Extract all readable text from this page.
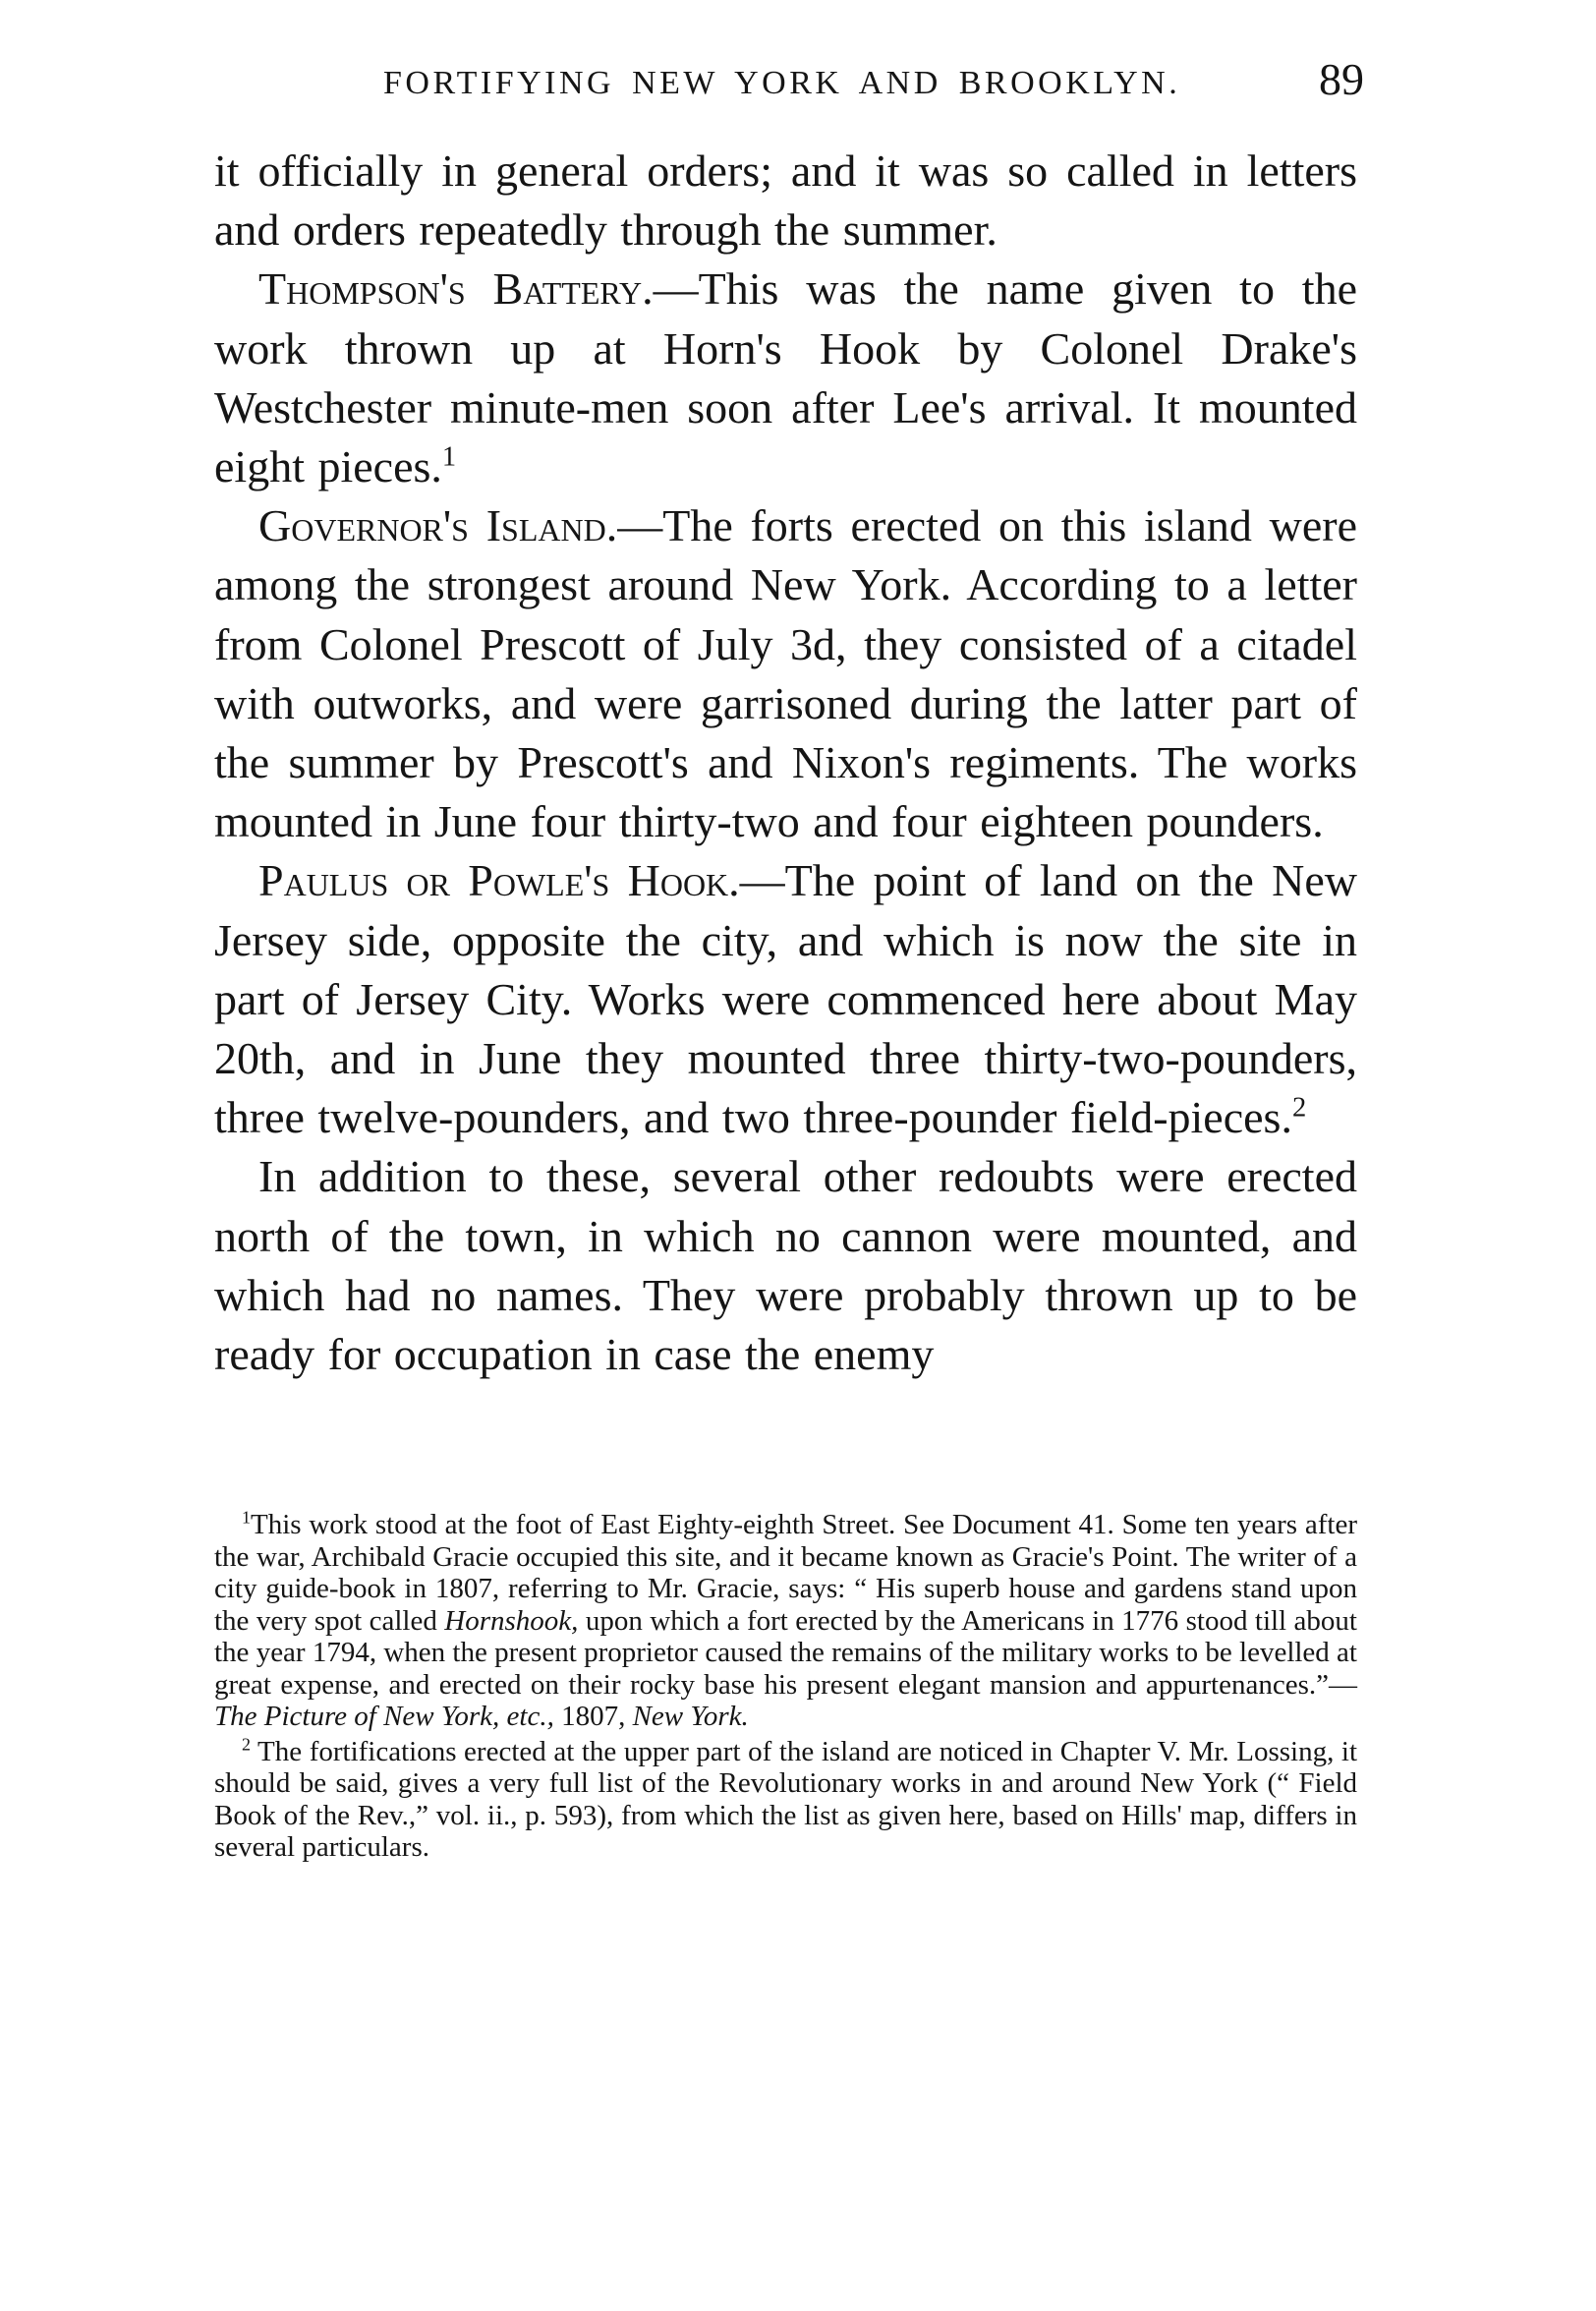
FORTIFYING NEW YORK AND BROOKLYN.	89

it officially in general orders; and it was so called in letters and orders repeatedly through the summer.

Thompson's Battery.—This was the name given to the work thrown up at Horn's Hook by Colonel Drake's Westchester minute-men soon after Lee's arrival. It mounted eight pieces.$^1$

Governor's Island.—The forts erected on this island were among the strongest around New York. According to a letter from Colonel Prescott of July 3d, they consisted of a citadel with outworks, and were garrisoned during the latter part of the summer by Prescott's and Nixon's regiments. The works mounted in June four thirty-two and four eighteen pounders.

Paulus or Powle's Hook.—The point of land on the New Jersey side, opposite the city, and which is now the site in part of Jersey City. Works were commenced here about May 20th, and in June they mounted three thirty-two-pounders, three twelve-pounders, and two three-pounder field-pieces.$^2$

In addition to these, several other redoubts were erected north of the town, in which no cannon were mounted, and which had no names. They were probably thrown up to be ready for occupation in case the enemy

$^1$This work stood at the foot of East Eighty-eighth Street. See Document 41. Some ten years after the war, Archibald Gracie occupied this site, and it became known as Gracie's Point. The writer of a city guide-book in 1807, referring to Mr. Gracie, says: “ His superb house and gardens stand upon the very spot called Hornshook, upon which a fort erected by the Americans in 1776 stood till about the year 1794, when the present proprietor caused the remains of the military works to be levelled at great expense, and erected on their rocky base his present elegant mansion and appurtenances.”—The Picture of New York, etc., 1807, New York.

$^2$ The fortifications erected at the upper part of the island are noticed in Chapter V. Mr. Lossing, it should be said, gives a very full list of the Revolutionary works in and around New York (“ Field Book of the Rev.,” vol. ii., p. 593), from which the list as given here, based on Hills' map, differs in several particulars.
